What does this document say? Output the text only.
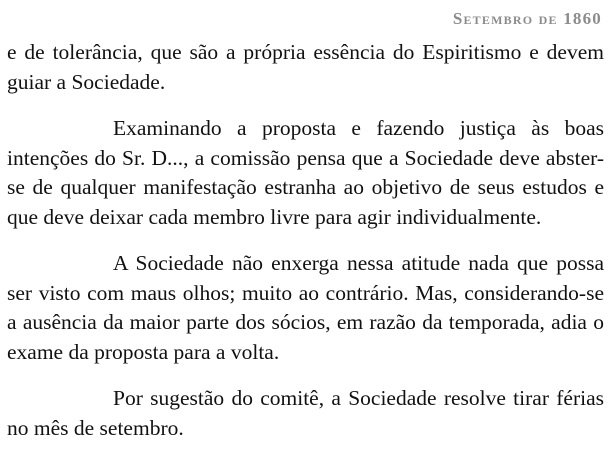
Setembro de 1860

e de tolerância, que são a própria essência do Espiritismo e devem guiar a Sociedade.

Examinando a proposta e fazendo justiça às boas intenções do Sr. D..., a comissão pensa que a Sociedade deve abster-se de qualquer manifestação estranha ao objetivo de seus estudos e que deve deixar cada membro livre para agir individualmente.

A Sociedade não enxerga nessa atitude nada que possa ser visto com maus olhos; muito ao contrário. Mas, considerando-se a ausência da maior parte dos sócios, em razão da temporada, adia o exame da proposta para a volta.

Por sugestão do comitê, a Sociedade resolve tirar férias no mês de setembro.
